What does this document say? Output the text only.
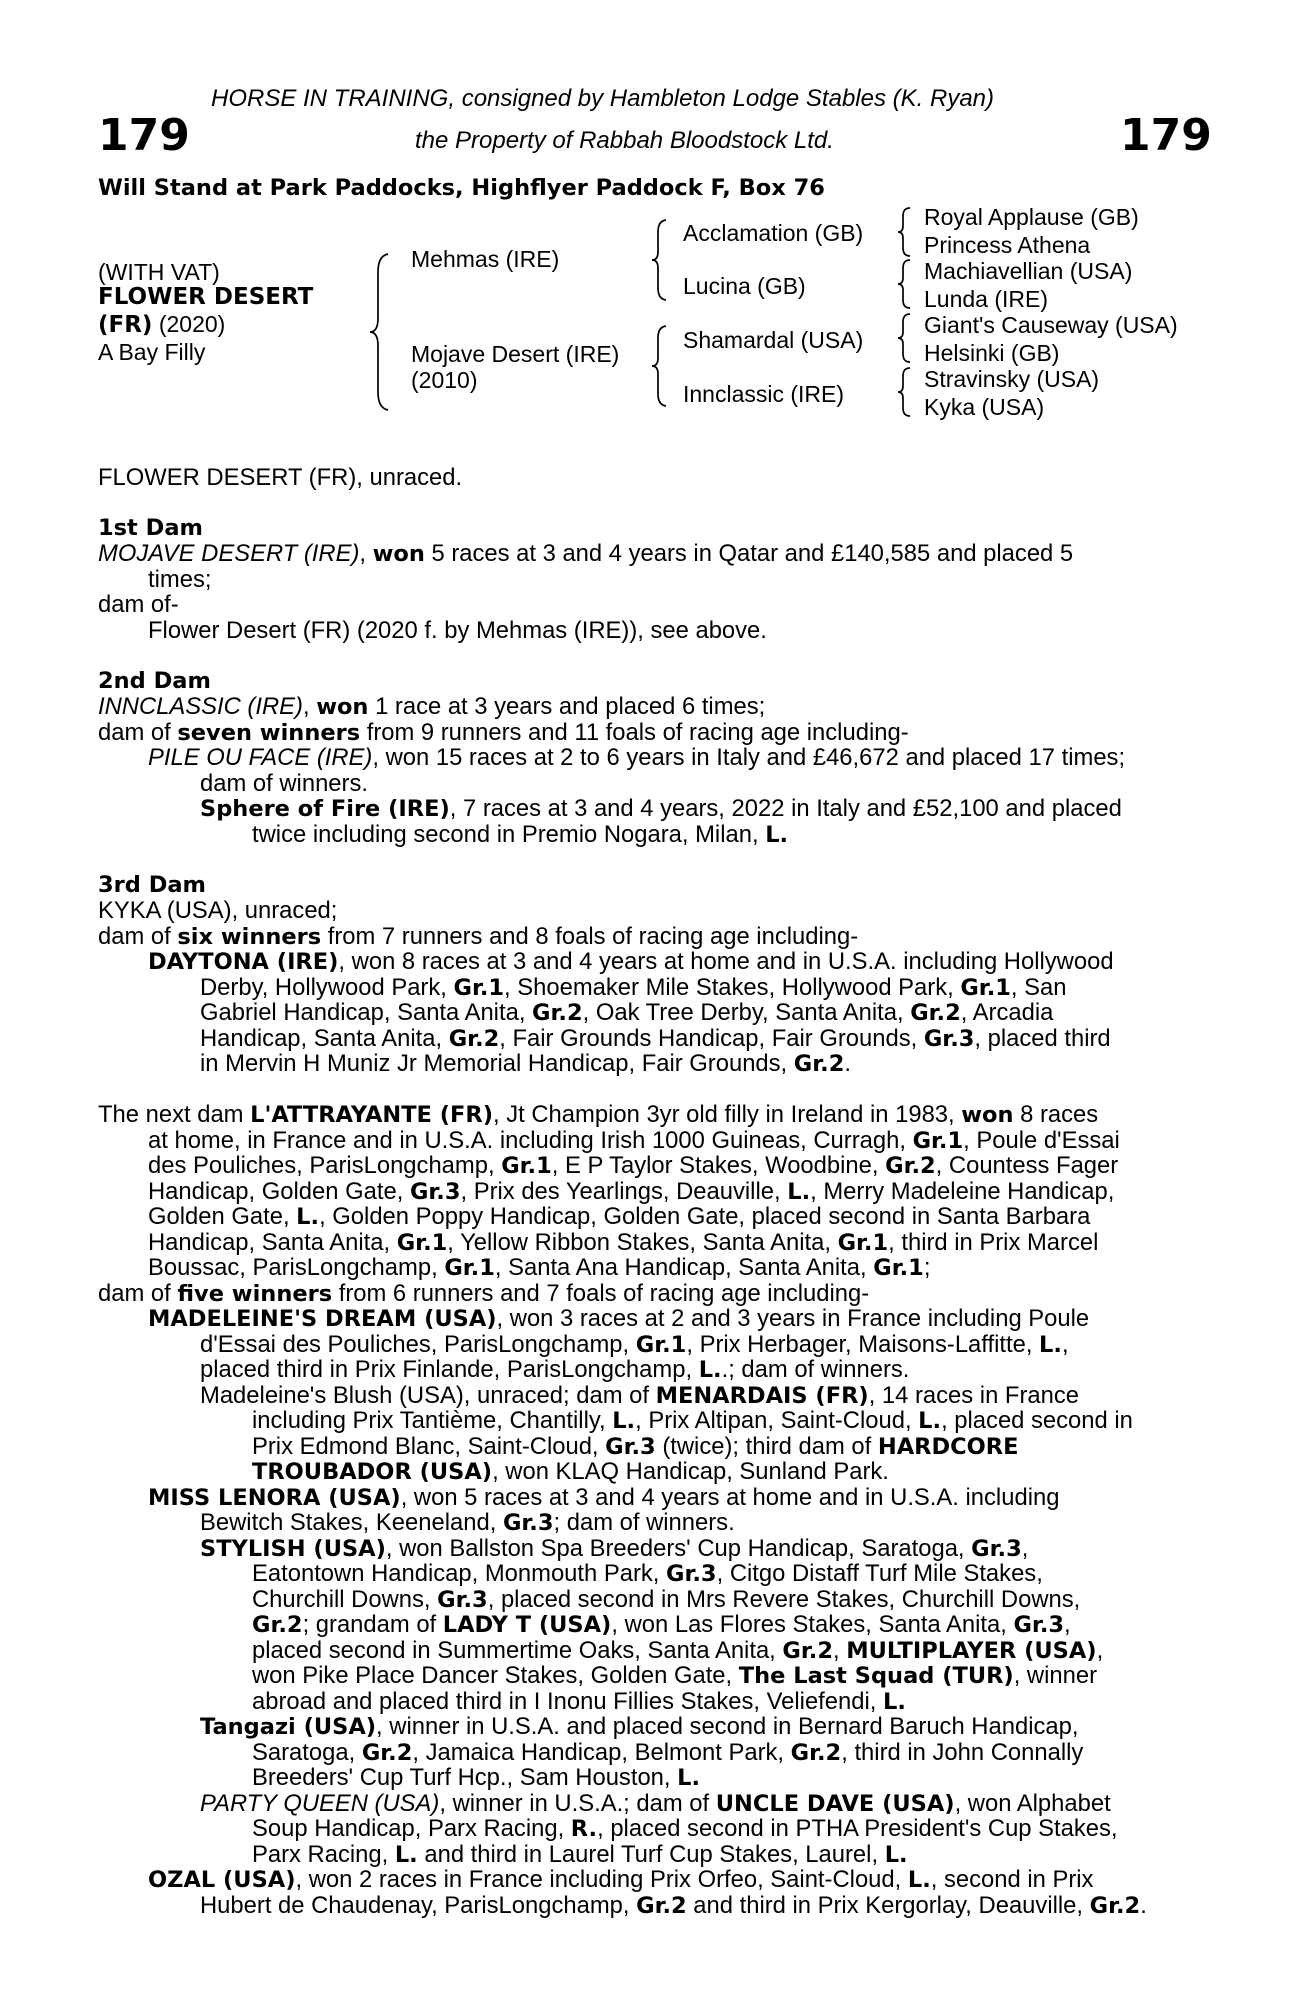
179	179
HORSE IN TRAINING, consigned by Hambleton Lodge Stables (K. Ryan)
the Property of Rabbah Bloodstock Ltd.
Will Stand at Park Paddocks, Highflyer Paddock F, Box 76
(WITH VAT)
FLOWER DESERT
(FR) (2020)
A Bay Filly
Mehmas (IRE)
Mojave Desert (IRE)
(2010)
Acclamation (GB)
Lucina (GB)
Shamardal (USA)
Innclassic (IRE)
Royal Applause (GB)
Princess Athena
Machiavellian (USA)
Lunda (IRE)
Giant's Causeway (USA)
Helsinki (GB)
Stravinsky (USA)
Kyka (USA)
FLOWER DESERT (FR), unraced.
1st Dam
MOJAVE DESERT (IRE), won 5 races at 3 and 4 years in Qatar and £140,585 and placed 5
times;
dam of-
Flower Desert (FR) (2020 f. by Mehmas (IRE)), see above.
2nd Dam
INNCLASSIC (IRE), won 1 race at 3 years and placed 6 times;
dam of seven winners from 9 runners and 11 foals of racing age including-
PILE OU FACE (IRE), won 15 races at 2 to 6 years in Italy and £46,672 and placed 17 times;
dam of winners.
Sphere of Fire (IRE), 7 races at 3 and 4 years, 2022 in Italy and £52,100 and placed
twice including second in Premio Nogara, Milan, L.
3rd Dam
KYKA (USA), unraced;
dam of six winners from 7 runners and 8 foals of racing age including-
DAYTONA (IRE), won 8 races at 3 and 4 years at home and in U.S.A. including Hollywood
Derby, Hollywood Park, Gr.1, Shoemaker Mile Stakes, Hollywood Park, Gr.1, San
Gabriel Handicap, Santa Anita, Gr.2, Oak Tree Derby, Santa Anita, Gr.2, Arcadia
Handicap, Santa Anita, Gr.2, Fair Grounds Handicap, Fair Grounds, Gr.3, placed third
in Mervin H Muniz Jr Memorial Handicap, Fair Grounds, Gr.2.
The next dam L'ATTRAYANTE (FR), Jt Champion 3yr old filly in Ireland in 1983, won 8 races
at home, in France and in U.S.A. including Irish 1000 Guineas, Curragh, Gr.1, Poule d'Essai
des Pouliches, ParisLongchamp, Gr.1, E P Taylor Stakes, Woodbine, Gr.2, Countess Fager
Handicap, Golden Gate, Gr.3, Prix des Yearlings, Deauville, L., Merry Madeleine Handicap,
Golden Gate, L., Golden Poppy Handicap, Golden Gate, placed second in Santa Barbara
Handicap, Santa Anita, Gr.1, Yellow Ribbon Stakes, Santa Anita, Gr.1, third in Prix Marcel
Boussac, ParisLongchamp, Gr.1, Santa Ana Handicap, Santa Anita, Gr.1;
dam of five winners from 6 runners and 7 foals of racing age including-
MADELEINE'S DREAM (USA), won 3 races at 2 and 3 years in France including Poule
d'Essai des Pouliches, ParisLongchamp, Gr.1, Prix Herbager, Maisons-Laffitte, L.,
placed third in Prix Finlande, ParisLongchamp, L..; dam of winners.
Madeleine's Blush (USA), unraced; dam of MENARDAIS (FR), 14 races in France
including Prix Tantième, Chantilly, L., Prix Altipan, Saint-Cloud, L., placed second in
Prix Edmond Blanc, Saint-Cloud, Gr.3 (twice); third dam of HARDCORE
TROUBADOR (USA), won KLAQ Handicap, Sunland Park.
MISS LENORA (USA), won 5 races at 3 and 4 years at home and in U.S.A. including
Bewitch Stakes, Keeneland, Gr.3; dam of winners.
STYLISH (USA), won Ballston Spa Breeders' Cup Handicap, Saratoga, Gr.3,
Eatontown Handicap, Monmouth Park, Gr.3, Citgo Distaff Turf Mile Stakes,
Churchill Downs, Gr.3, placed second in Mrs Revere Stakes, Churchill Downs,
Gr.2; grandam of LADY T (USA), won Las Flores Stakes, Santa Anita, Gr.3,
placed second in Summertime Oaks, Santa Anita, Gr.2, MULTIPLAYER (USA),
won Pike Place Dancer Stakes, Golden Gate, The Last Squad (TUR), winner
abroad and placed third in I Inonu Fillies Stakes, Veliefendi, L.
Tangazi (USA), winner in U.S.A. and placed second in Bernard Baruch Handicap,
Saratoga, Gr.2, Jamaica Handicap, Belmont Park, Gr.2, third in John Connally
Breeders' Cup Turf Hcp., Sam Houston, L.
PARTY QUEEN (USA), winner in U.S.A.; dam of UNCLE DAVE (USA), won Alphabet
Soup Handicap, Parx Racing, R., placed second in PTHA President's Cup Stakes,
Parx Racing, L. and third in Laurel Turf Cup Stakes, Laurel, L.
OZAL (USA), won 2 races in France including Prix Orfeo, Saint-Cloud, L., second in Prix
Hubert de Chaudenay, ParisLongchamp, Gr.2 and third in Prix Kergorlay, Deauville, Gr.2.
